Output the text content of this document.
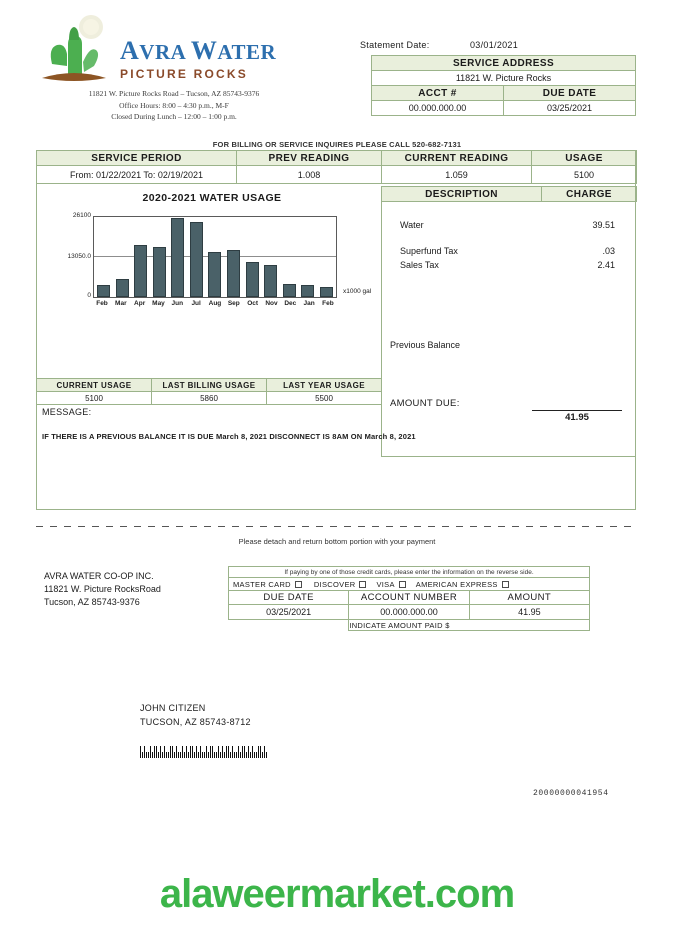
AVRA WATER
PICTURE ROCKS
11821 W. Picture Rocks Road – Tucson, AZ 85743-9376
Office Hours: 8:00 – 4:30 p.m., M-F
Closed During Lunch – 12:00 – 1:00 p.m.
Statement Date:	03/01/2021
SERVICE ADDRESS	
11821 W. Picture Rocks	
ACCT #	DUE DATE
00.000.000.00	03/25/2021
FOR BILLING OR SERVICE INQUIRES PLEASE CALL 520-682-7131
SERVICE PERIOD	PREV READING	CURRENT READING	USAGE
From: 01/22/2021 To: 02/19/2021	1.008	1.059	5100
2020-2021 WATER USAGE
26100
13050.0
0
Feb	Mar	Apr	May	Jun	Jul	Aug	Sep	Oct	Nov	Dec	Jan	Feb
x1000 gal
DESCRIPTION	CHARGE
Water	39.51
Superfund Tax	.03
Sales Tax	2.41
Previous Balance
AMOUNT DUE:
41.95
CURRENT USAGE	LAST BILLING USAGE	LAST YEAR USAGE
5100	5860	5500
MESSAGE:
IF THERE IS A PREVIOUS BALANCE IT IS DUE March 8, 2021 DISCONNECT IS 8AM ON March 8, 2021
Please detach and return bottom portion with your payment
AVRA WATER CO-OP INC.
11821 W. Picture RocksRoad
Tucson, AZ 85743-9376
If paying by one of those credit cards, please enter the information on the reverse side.		

MASTER CARD DISCOVER VISA AMERICAN EXPRESS		

DUE DATE	ACCOUNT NUMBER	AMOUNT
03/25/2021	00.000.000.00	41.95
	INDICATE AMOUNT PAID $	
JOHN CITIZEN
TUCSON, AZ 85743-8712
20000000041954
alaweermarket.com
